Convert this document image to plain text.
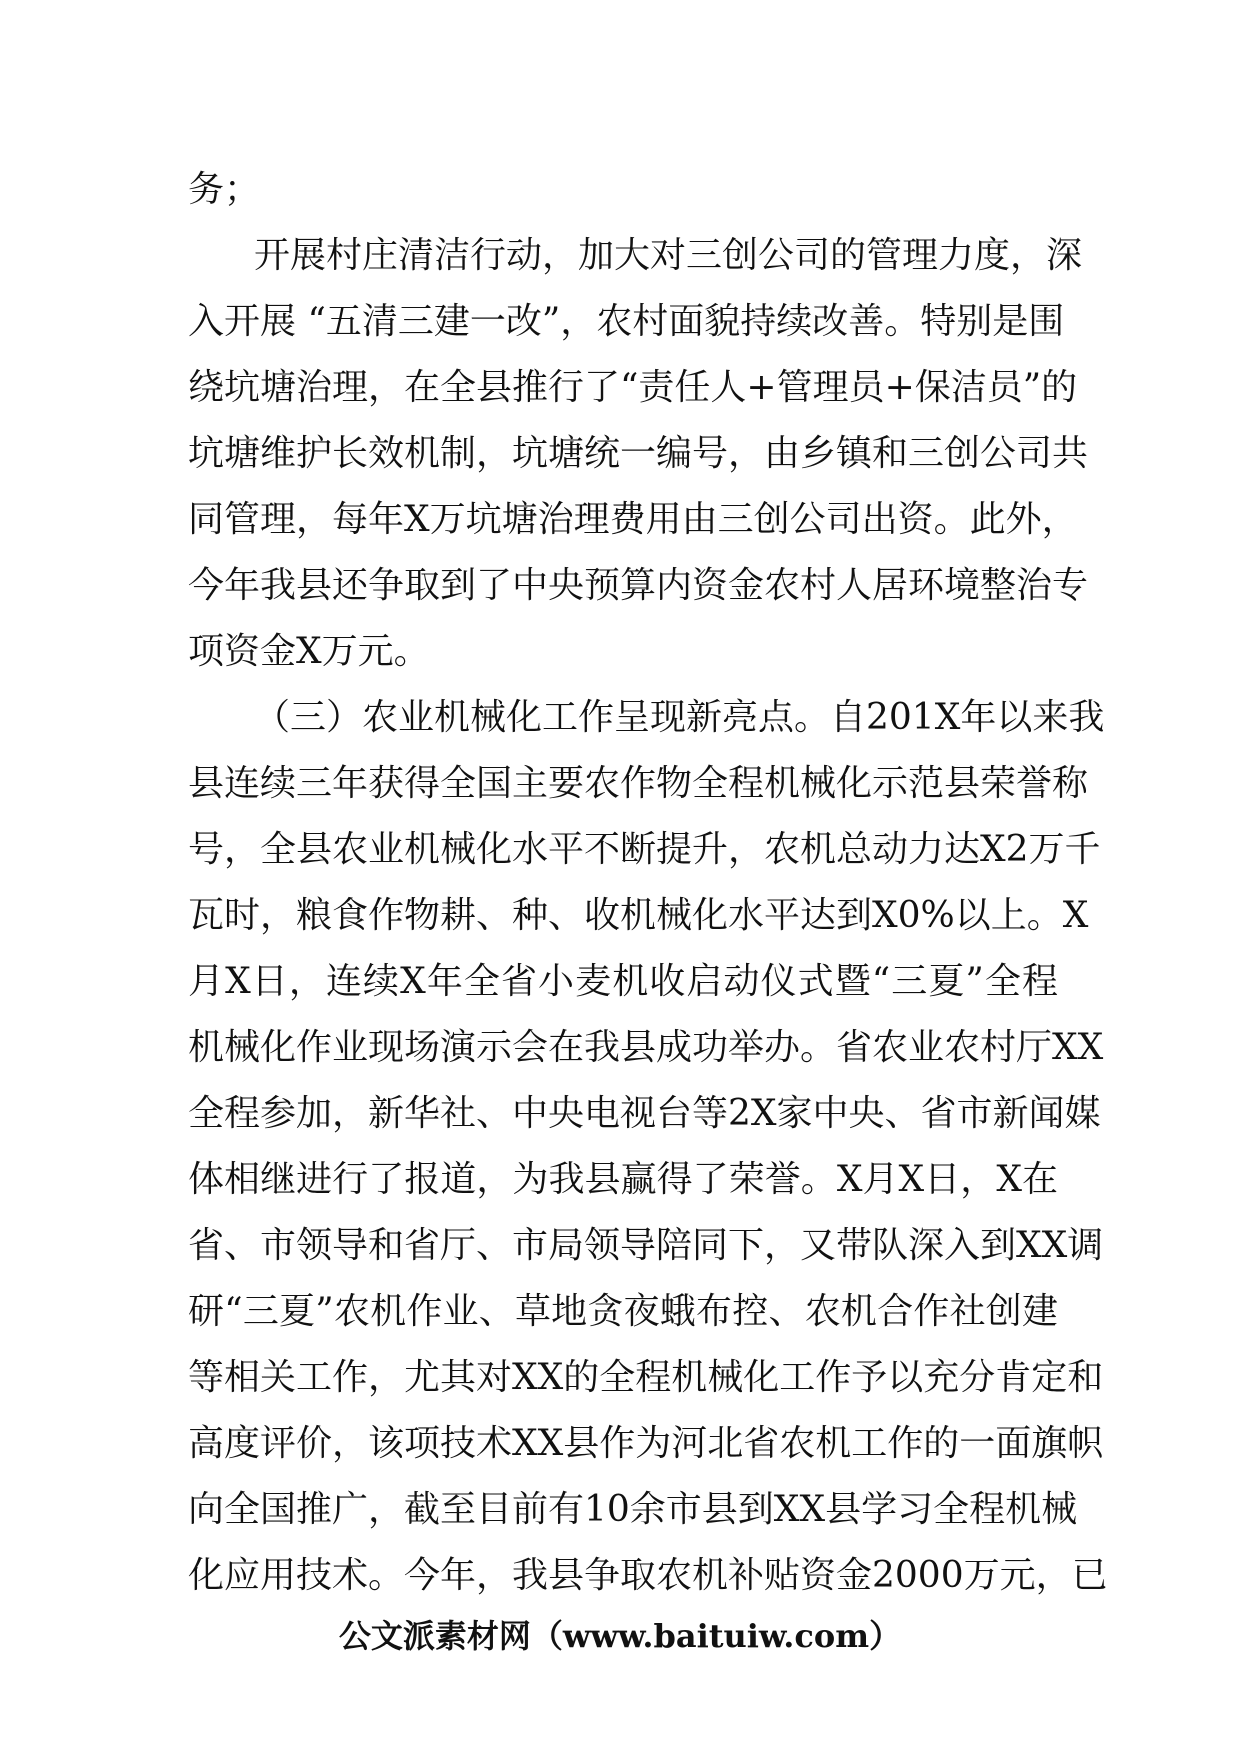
务；
开展村庄清洁行动，加大对三创公司的管理力度，深
入开展 “五清三建一改”，农村面貌持续改善。特别是围
绕坑塘治理，在全县推行了“责任人+管理员+保洁员”的
坑塘维护长效机制，坑塘统一编号，由乡镇和三创公司共
同管理，每年X万坑塘治理费用由三创公司出资。此外，
今年我县还争取到了中央预算内资金农村人居环境整治专
项资金X万元。
（三）农业机械化工作呈现新亮点。自201X年以来我
县连续三年获得全国主要农作物全程机械化示范县荣誉称
号，全县农业机械化水平不断提升，农机总动力达X2万千
瓦时，粮食作物耕、种、收机械化水平达到X0%以上。X
月X日，连续X年全省小麦机收启动仪式暨“三夏”全程
机械化作业现场演示会在我县成功举办。省农业农村厅XX
全程参加，新华社、中央电视台等2X家中央、省市新闻媒
体相继进行了报道，为我县赢得了荣誉。X月X日，X在
省、市领导和省厅、市局领导陪同下，又带队深入到XX调
研“三夏”农机作业、草地贪夜蛾布控、农机合作社创建
等相关工作，尤其对XX的全程机械化工作予以充分肯定和
高度评价，该项技术XX县作为河北省农机工作的一面旗帜
向全国推广，截至目前有10余市县到XX县学习全程机械
化应用技术。今年，我县争取农机补贴资金2000万元，已
公文派素材网（www.baituiw.com）
